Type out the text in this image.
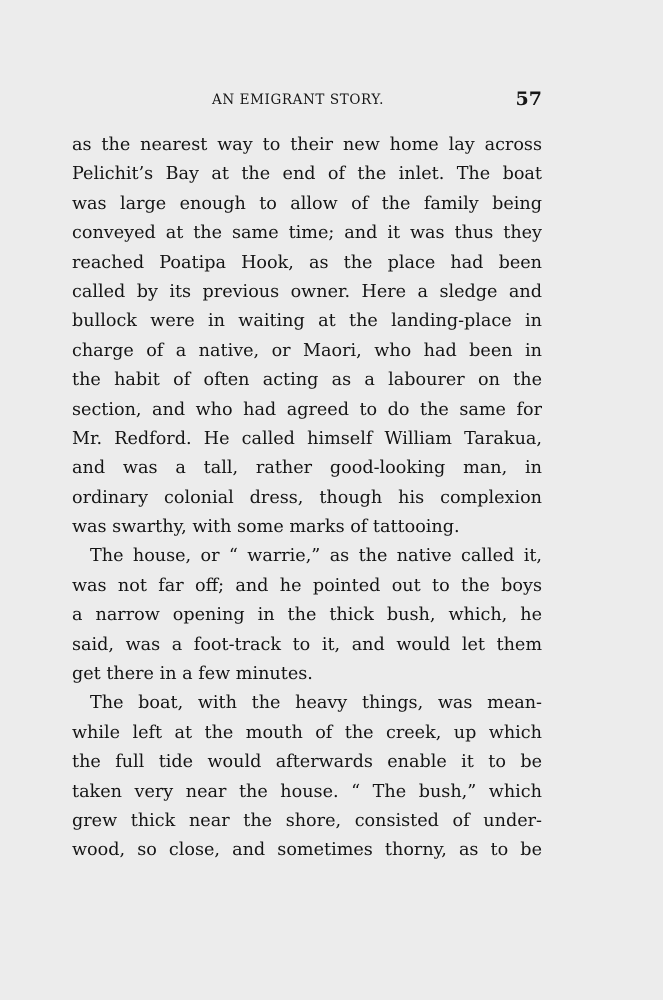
AN EMIGRANT STORY.	57
as the nearest way to their new home lay across
Pelichit’s Bay at the end of the inlet. The boat
was large enough to allow of the family being
conveyed at the same time; and it was thus they
reached Poatipa Hook, as the place had been
called by its previous owner. Here a sledge and
bullock were in waiting at the landing-place in
charge of a native, or Maori, who had been in
the habit of often acting as a labourer on the
section, and who had agreed to do the same for
Mr. Redford. He called himself William Tarakua,
and was a tall, rather good-looking man, in
ordinary colonial dress, though his complexion
was swarthy, with some marks of tattooing.
The house, or “ warrie,” as the native called it,
was not far off; and he pointed out to the boys
a narrow opening in the thick bush, which, he
said, was a foot-track to it, and would let them
get there in a few minutes.
The boat, with the heavy things, was mean-
while left at the mouth of the creek, up which
the full tide would afterwards enable it to be
taken very near the house. “ The bush,” which
grew thick near the shore, consisted of under-
wood, so close, and sometimes thorny, as to be
